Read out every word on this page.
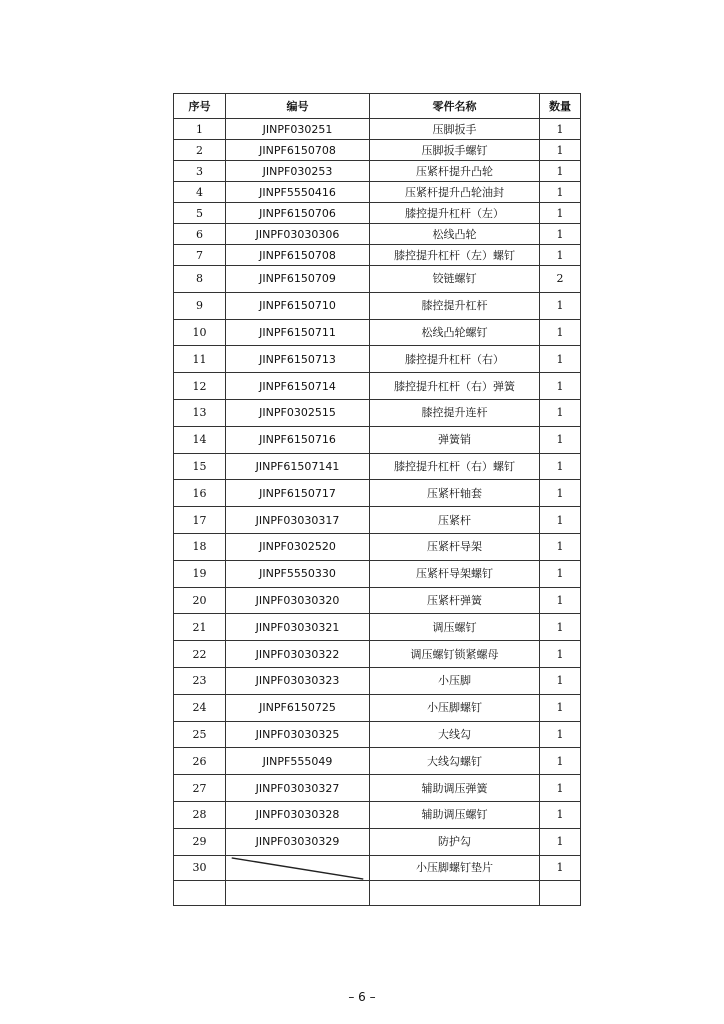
序号	编号	零件名称	数量
1	JINPF030251	压脚扳手	1
2	JINPF6150708	压脚扳手螺钉	1
3	JINPF030253	压紧杆提升凸轮	1
4	JINPF5550416	压紧杆提升凸轮油封	1
5	JINPF6150706	膝控提升杠杆（左）	1
6	JINPF03030306	松线凸轮	1
7	JINPF6150708	膝控提升杠杆（左）螺钉	1
8	JINPF6150709	铰链螺钉	2
9	JINPF6150710	膝控提升杠杆	1
10	JINPF6150711	松线凸轮螺钉	1
11	JINPF6150713	膝控提升杠杆（右）	1
12	JINPF6150714	膝控提升杠杆（右）弹簧	1
13	JINPF0302515	膝控提升连杆	1
14	JINPF6150716	弹簧销	1
15	JINPF61507141	膝控提升杠杆（右）螺钉	1
16	JINPF6150717	压紧杆轴套	1
17	JINPF03030317	压紧杆	1
18	JINPF0302520	压紧杆导架	1
19	JINPF5550330	压紧杆导架螺钉	1
20	JINPF03030320	压紧杆弹簧	1
21	JINPF03030321	调压螺钉	1
22	JINPF03030322	调压螺钉锁紧螺母	1
23	JINPF03030323	小压脚	1
24	JINPF6150725	小压脚螺钉	1
25	JINPF03030325	大线勾	1
26	JINPF555049	大线勾螺钉	1
27	JINPF03030327	辅助调压弹簧	1
28	JINPF03030328	辅助调压螺钉	1
29	JINPF03030329	防护勾	1
30		小压脚螺钉垫片	1

– 6 –
